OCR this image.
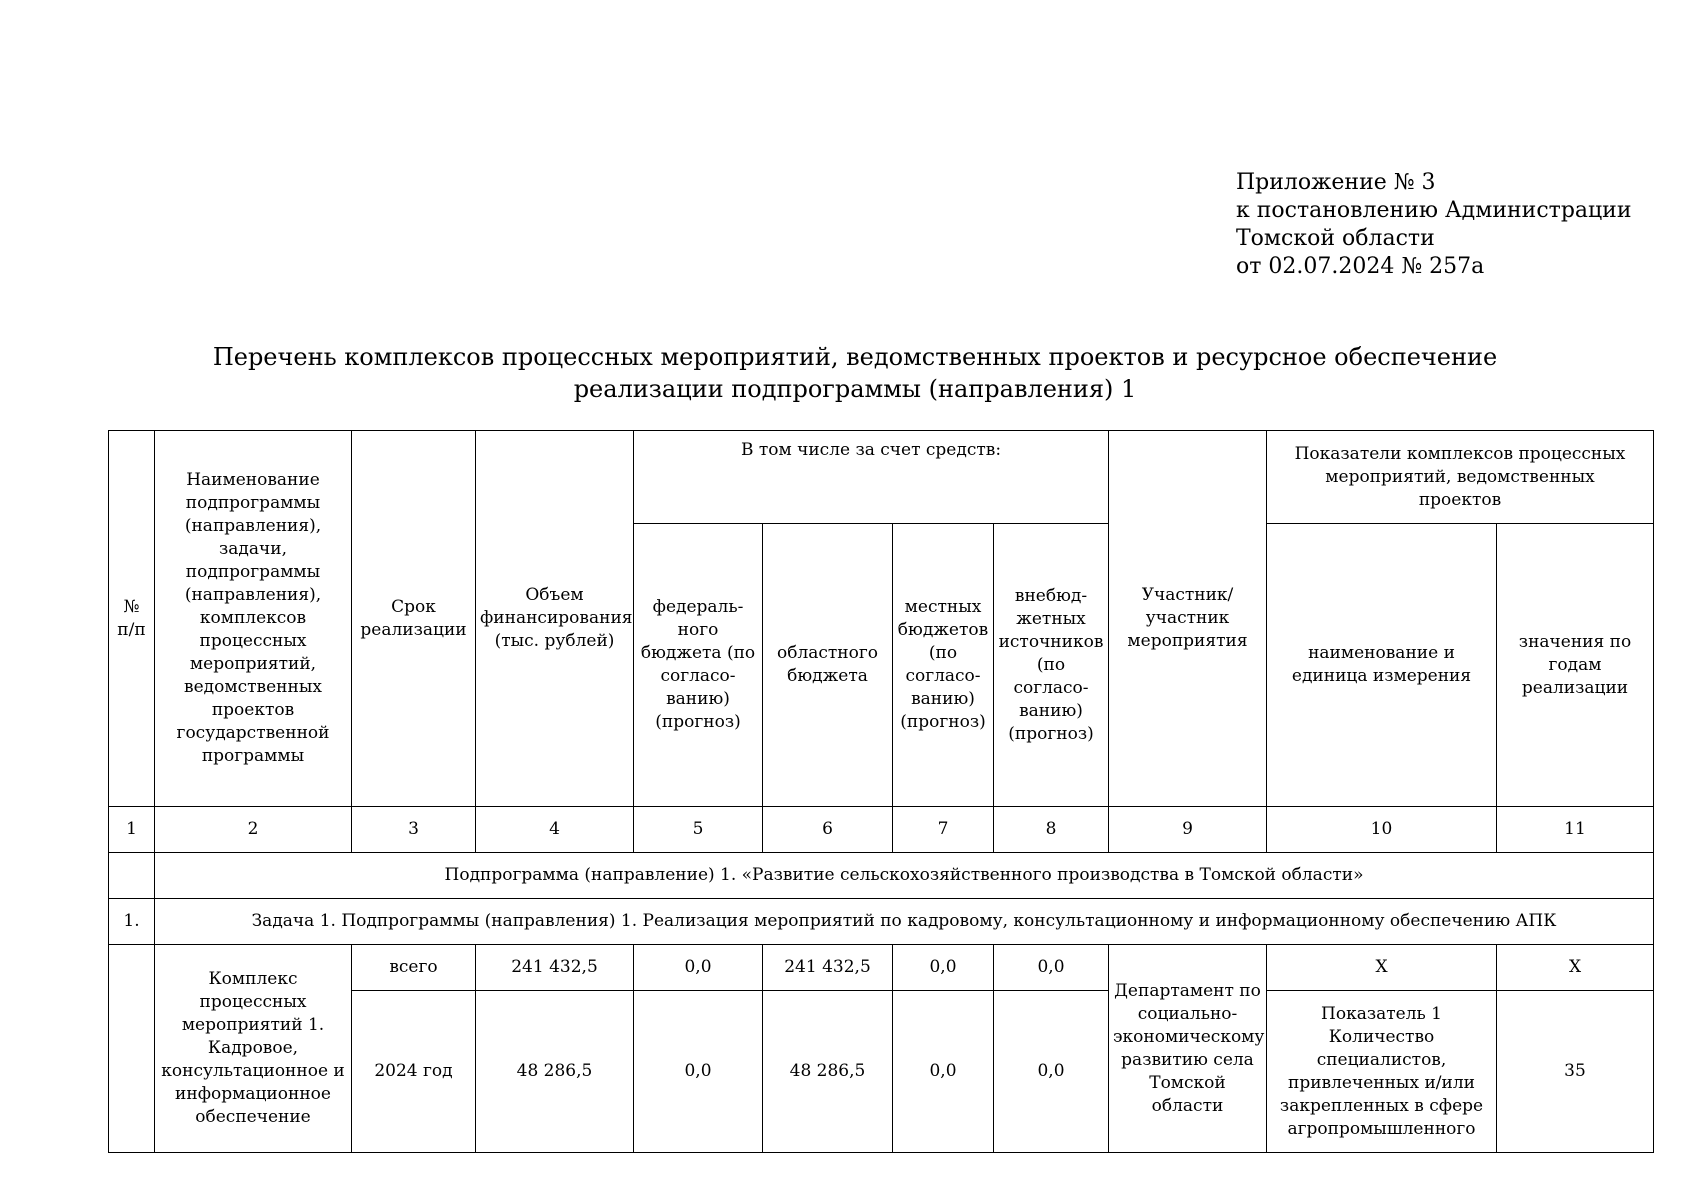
Приложение № 3
к постановлению Администрации
Томской области
от 02.07.2024 № 257а
Перечень комплексов процессных мероприятий, ведомственных проектов и ресурсное обеспечение
реализации подпрограммы (направления) 1
№ п/п	Наименование подпрограммы (направления), задачи, подпрограммы (направления), комплексов процессных мероприятий, ведомственных проектов государственной программы	Срок реализации	Объем финансирования (тыс. рублей)	В том числе за счет средств:				Участник/ участник мероприятия	Показатели комплексов процессных мероприятий, ведомственных проектов	
				федераль-ного бюджета (по согласо-ванию) (прогноз)	областного бюджета	местных бюджетов (по согласо-ванию) (прогноз)	внебюд-жетных источников (по согласо-ванию) (прогноз)		наименование и единица измерения	значения по годам реализации
1	2	3	4	5	6	7	8	9	10	11
	Подпрограмма (направление) 1. «Развитие сельскохозяйственного производства в Томской области»									
1.	Задача 1. Подпрограммы (направления) 1. Реализация мероприятий по кадровому, консультационному и информационному обеспечению АПК									
	Комплекс процессных мероприятий 1. Кадровое, консультационное и информационное обеспечение	всего	241 432,5	0,0	241 432,5	0,0	0,0	Департамент по социально-экономическому развитию села Томской области	Х	Х
		2024 год	48 286,5	0,0	48 286,5	0,0	0,0		Показатель 1 Количество специалистов, привлеченных и/или закрепленных в сфере агропромышленного	35
